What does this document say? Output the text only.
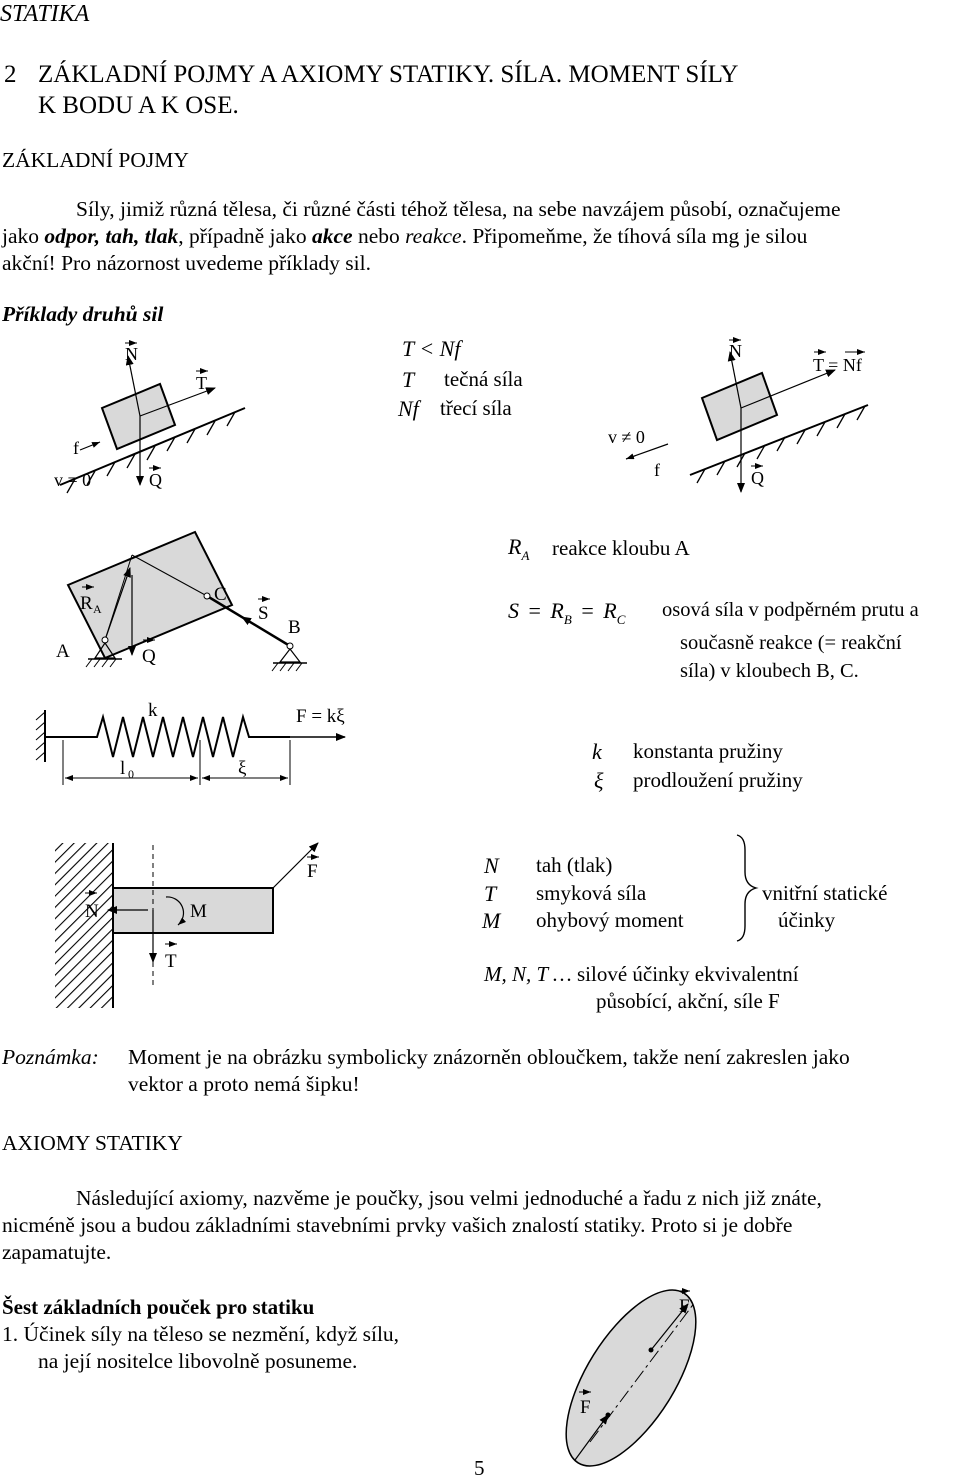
STATIKA
2 ZÁKLADNÍ POJMY A AXIOMY STATIKY. SÍLA. MOMENT SÍLY
K BODU A K OSE.
ZÁKLADNÍ POJMY
Síly, jimiž různá tělesa, či různé části téhož tělesa, na sebe navzájem působí, označujeme
jako odpor, tah, tlak, případně jako akce nebo reakce. Připomeňme, že tíhová síla mg je silou
akční! Pro názornost uvedeme příklady sil.
Příklady druhů sil
N
T
f
v = 0	Q
N
T = Nf
v ≠ 0
f	Q
R A
A
C
S
B
Q
k	F = kξ
l 0	ξ
N	M
F
T
F
F
T < Nf
T tečná síla
Nf třecí síla
$R_A$ reakce kloubu A
$S = R_B = R_C$ osová síla v podpěrném prutu a
současně reakce (= reakční
síla) v kloubech B, C.
k konstanta pružiny
ξ prodloužení pružiny
N tah (tlak)
T smyková síla
M ohybový moment
vnitřní statické
účinky
M, N, T … silové účinky ekvivalentní
působící, akční, síle F
Poznámka: Moment je na obrázku symbolicky znázorněn obloučkem, takže není zakreslen jako
vektor a proto nemá šipku!
AXIOMY STATIKY
Následující axiomy, nazvěme je poučky, jsou velmi jednoduché a řadu z nich již znáte,
nicméně jsou a budou základními stavebními prvky vašich znalostí statiky. Proto si je dobře
zapamatujte.
Šest základních pouček pro statiku
1. Účinek síly na těleso se nezmění, když sílu,
na její nositelce libovolně posuneme.
5
